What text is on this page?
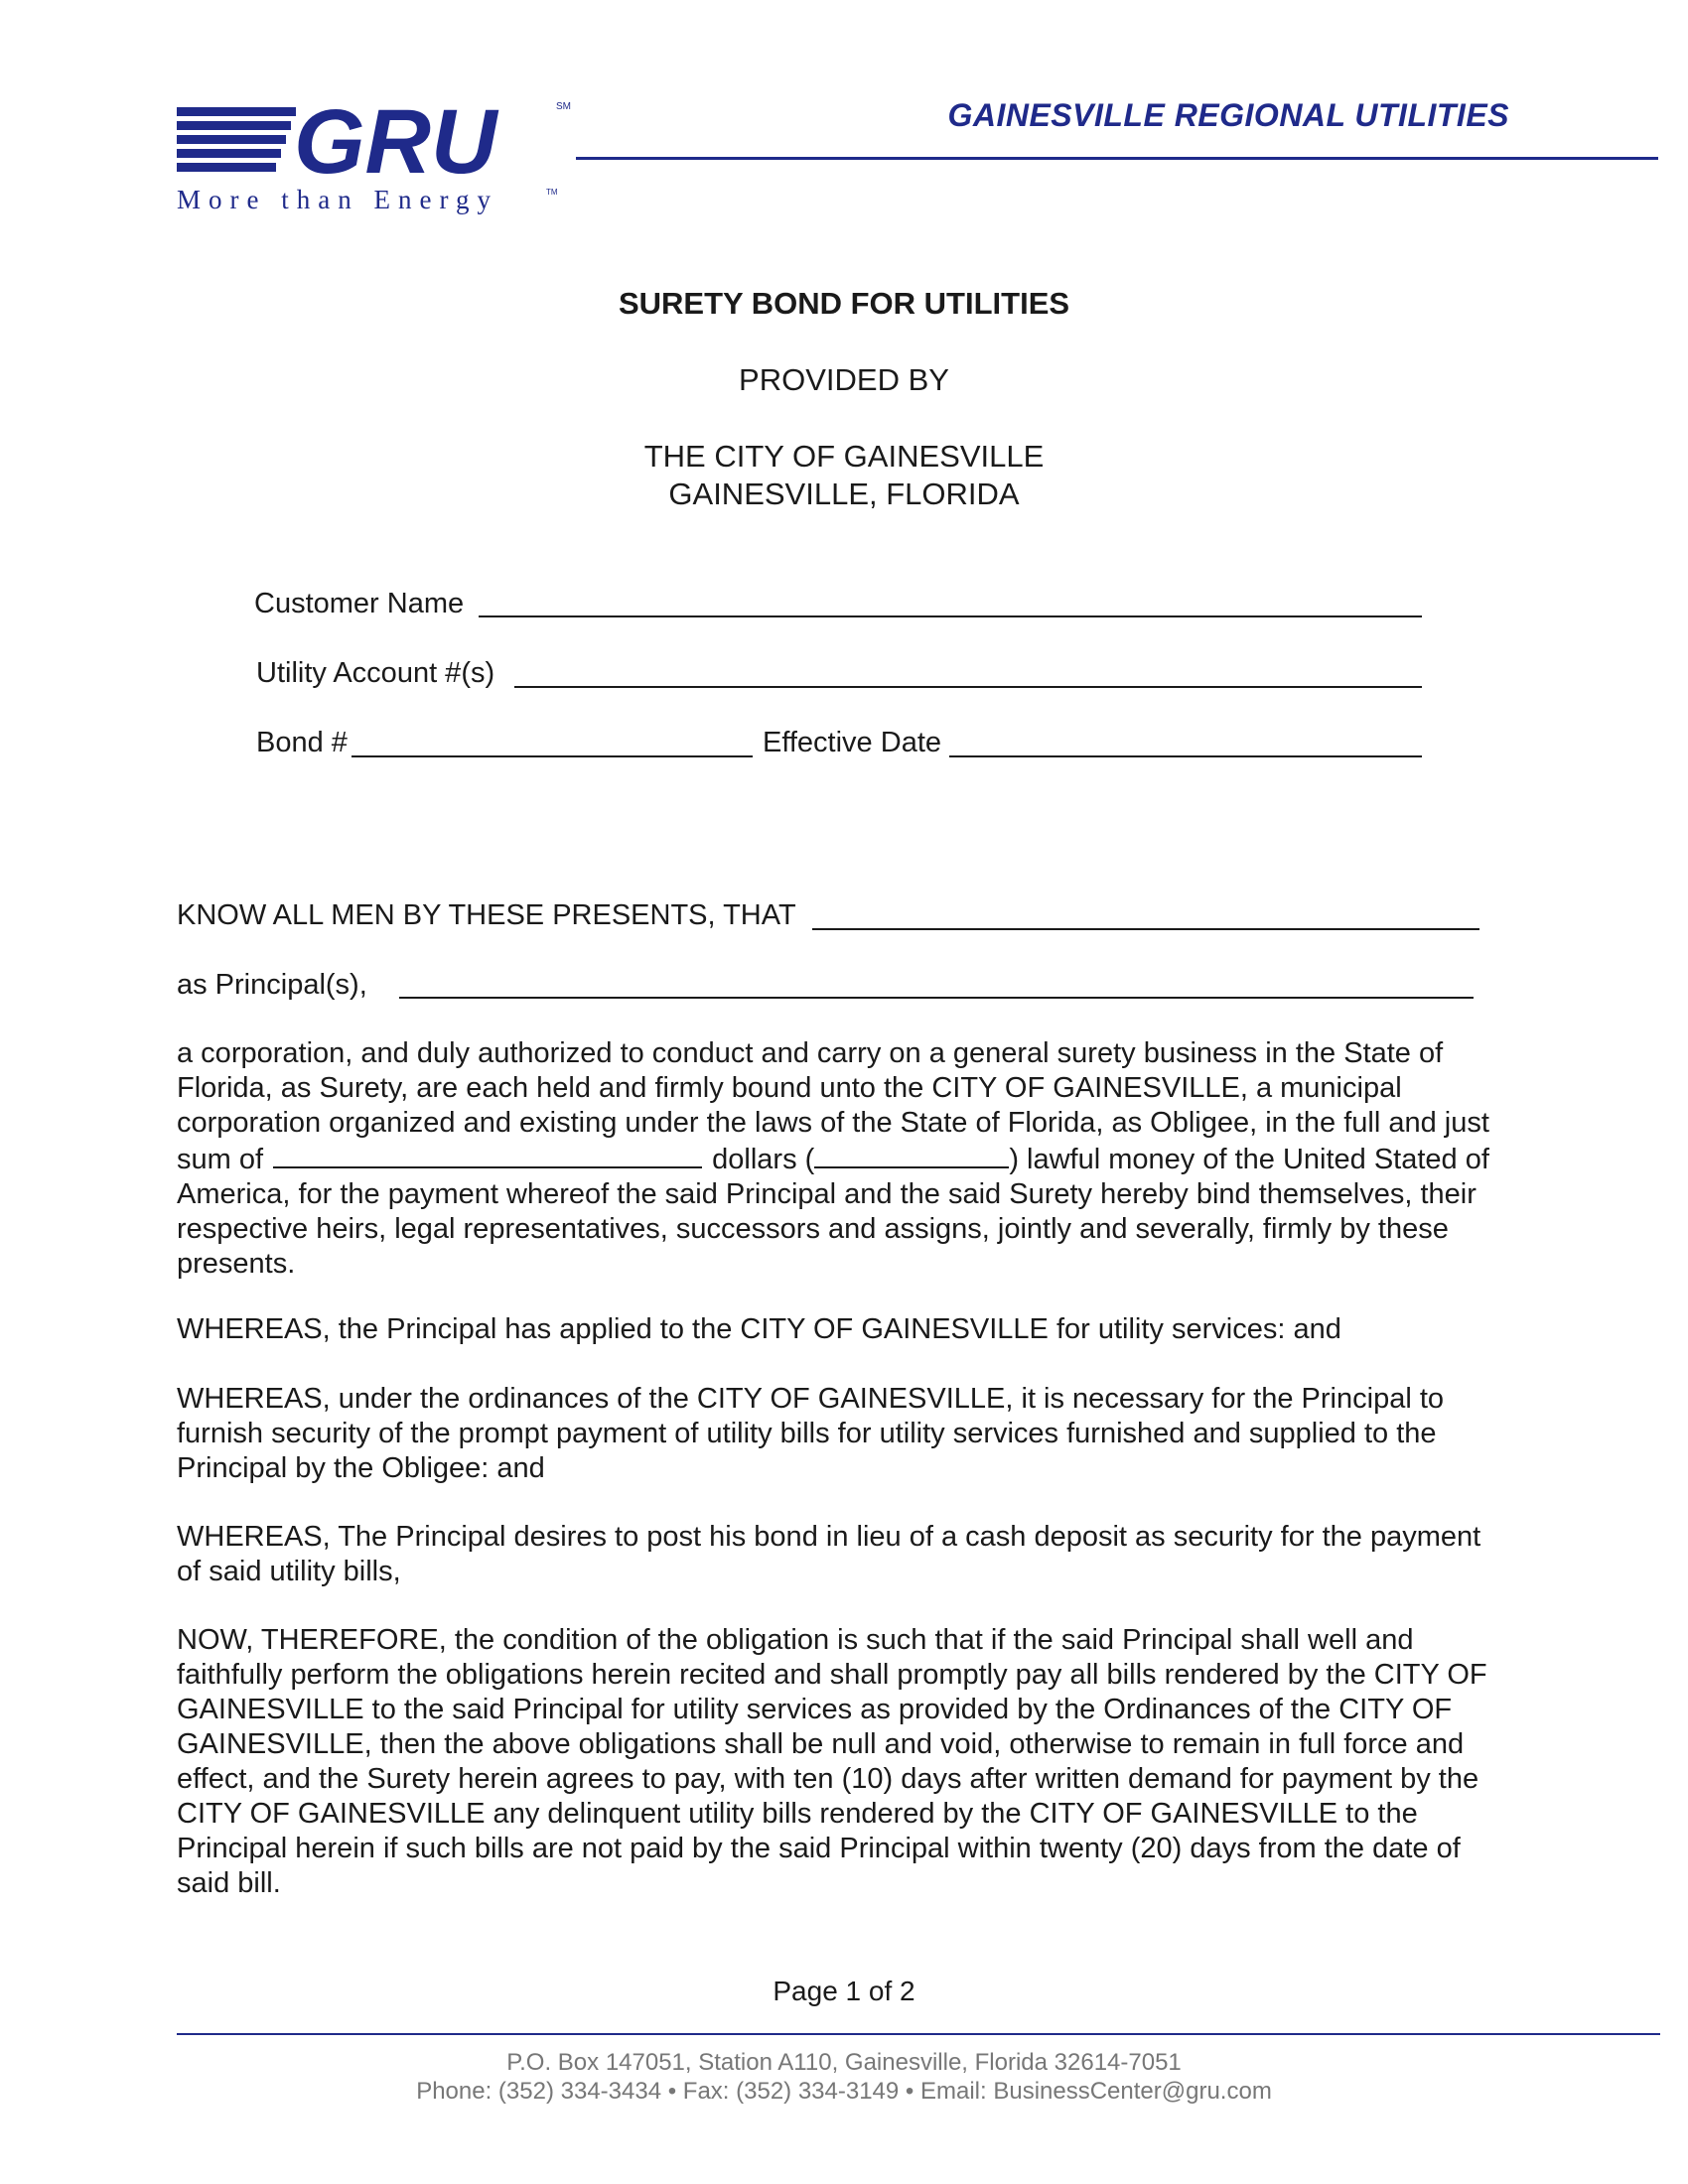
GRU	SM
More than Energy	TM
GAINESVILLE REGIONAL UTILITIES
SURETY BOND FOR UTILITIES
PROVIDED BY
THE CITY OF GAINESVILLE
GAINESVILLE, FLORIDA
Customer Name
Utility Account #(s)
Bond #	Effective Date
KNOW ALL MEN BY THESE PRESENTS, THAT
as Principal(s),
a corporation, and duly authorized to conduct and carry on a general surety business in the State of Florida, as Surety, are each held and firmly bound unto the CITY OF GAINESVILLE, a municipal corporation organized and existing under the laws of the State of Florida, as Obligee, in the full and just sum of	dollars (	) lawful money of the United Stated of America, for the payment whereof the said Principal and the said Surety hereby bind themselves, their respective heirs, legal representatives, successors and assigns, jointly and severally, firmly by these presents.
WHEREAS, the Principal has applied to the CITY OF GAINESVILLE for utility services: and
WHEREAS, under the ordinances of the CITY OF GAINESVILLE, it is necessary for the Principal to furnish security of the prompt payment of utility bills for utility services furnished and supplied to the Principal by the Obligee: and
WHEREAS, The Principal desires to post his bond in lieu of a cash deposit as security for the payment of said utility bills,
NOW, THEREFORE, the condition of the obligation is such that if the said Principal shall well and faithfully perform the obligations herein recited and shall promptly pay all bills rendered by the CITY OF GAINESVILLE to the said Principal for utility services as provided by the Ordinances of the CITY OF GAINESVILLE, then the above obligations shall be null and void, otherwise to remain in full force and effect, and the Surety herein agrees to pay, with ten (10) days after written demand for payment by the CITY OF GAINESVILLE any delinquent utility bills rendered by the CITY OF GAINESVILLE to the Principal herein if such bills are not paid by the said Principal within twenty (20) days from the date of said bill.
Page 1 of 2
P.O. Box 147051, Station A110, Gainesville, Florida 32614-7051
Phone: (352) 334-3434 • Fax: (352) 334-3149 • Email: BusinessCenter@gru.com
